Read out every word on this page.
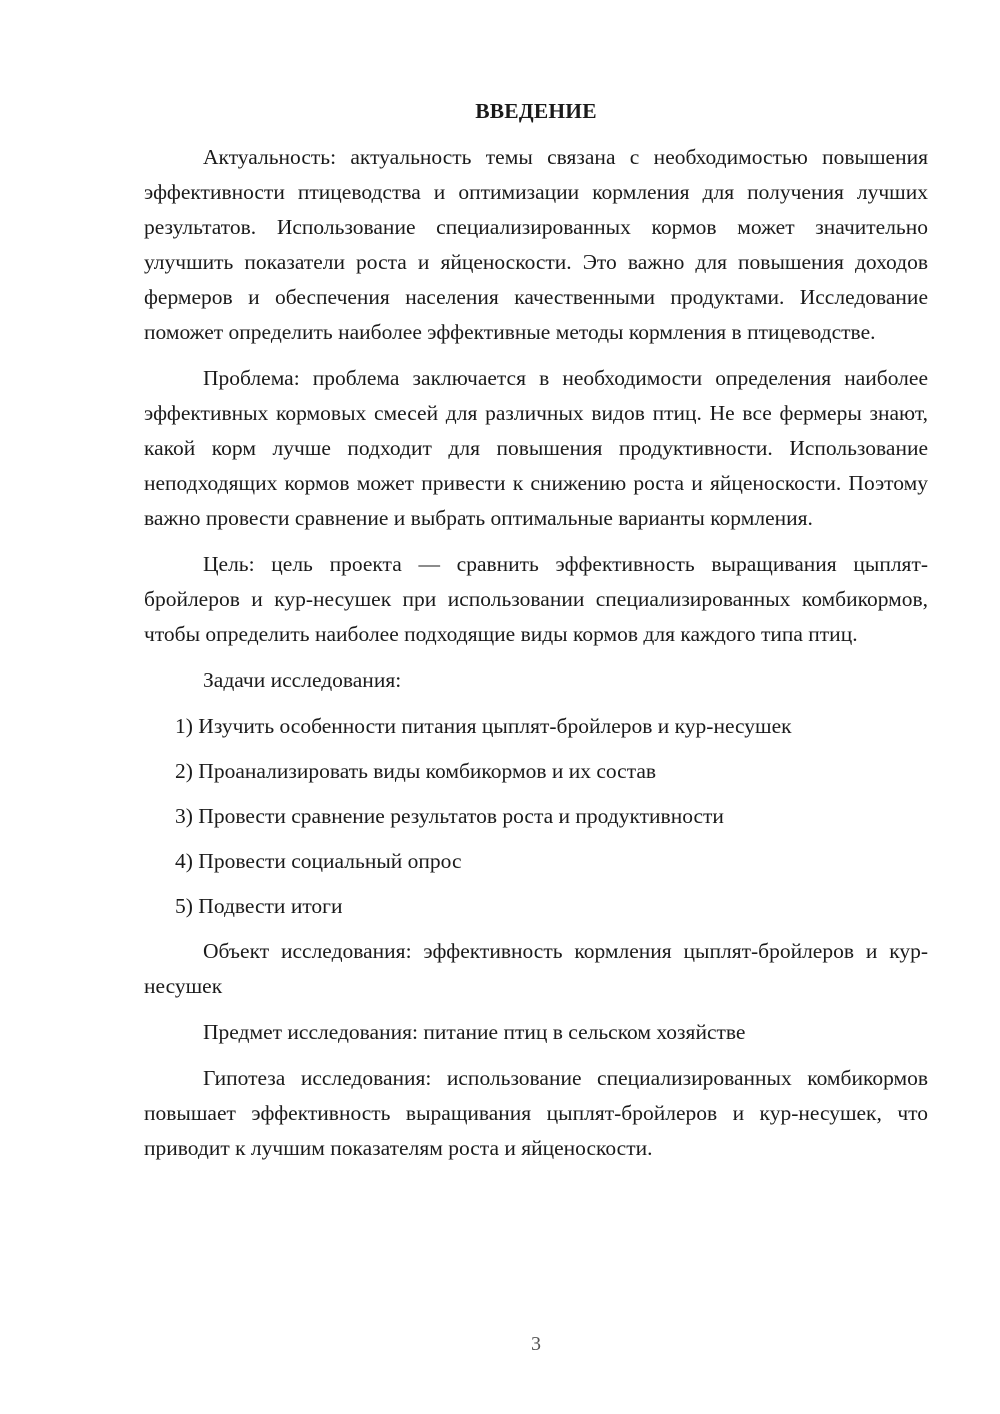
ВВЕДЕНИЕ

Актуальность: актуальность темы связана с необходимостью повышения эффективности птицеводства и оптимизации кормления для получения лучших результатов. Использование специализированных кормов может значительно улучшить показатели роста и яйценоскости. Это важно для повышения доходов фермеров и обеспечения населения качественными продуктами. Исследование поможет определить наиболее эффективные методы кормления в птицеводстве.

Проблема: проблема заключается в необходимости определения наиболее эффективных кормовых смесей для различных видов птиц. Не все фермеры знают, какой корм лучше подходит для повышения продуктивности. Использование неподходящих кормов может привести к снижению роста и яйценоскости. Поэтому важно провести сравнение и выбрать оптимальные варианты кормления.

Цель: цель проекта — сравнить эффективность выращивания цыплят-бройлеров и кур-несушек при использовании специализированных комбикормов, чтобы определить наиболее подходящие виды кормов для каждого типа птиц.

Задачи исследования:

1) Изучить особенности питания цыплят-бройлеров и кур-несушек

2) Проанализировать виды комбикормов и их состав

3) Провести сравнение результатов роста и продуктивности

4) Провести социальный опрос

5) Подвести итоги

Объект исследования: эффективность кормления цыплят-бройлеров и кур-несушек

Предмет исследования: питание птиц в сельском хозяйстве

Гипотеза исследования: использование специализированных комбикормов повышает эффективность выращивания цыплят-бройлеров и кур-несушек, что приводит к лучшим показателям роста и яйценоскости.

3
